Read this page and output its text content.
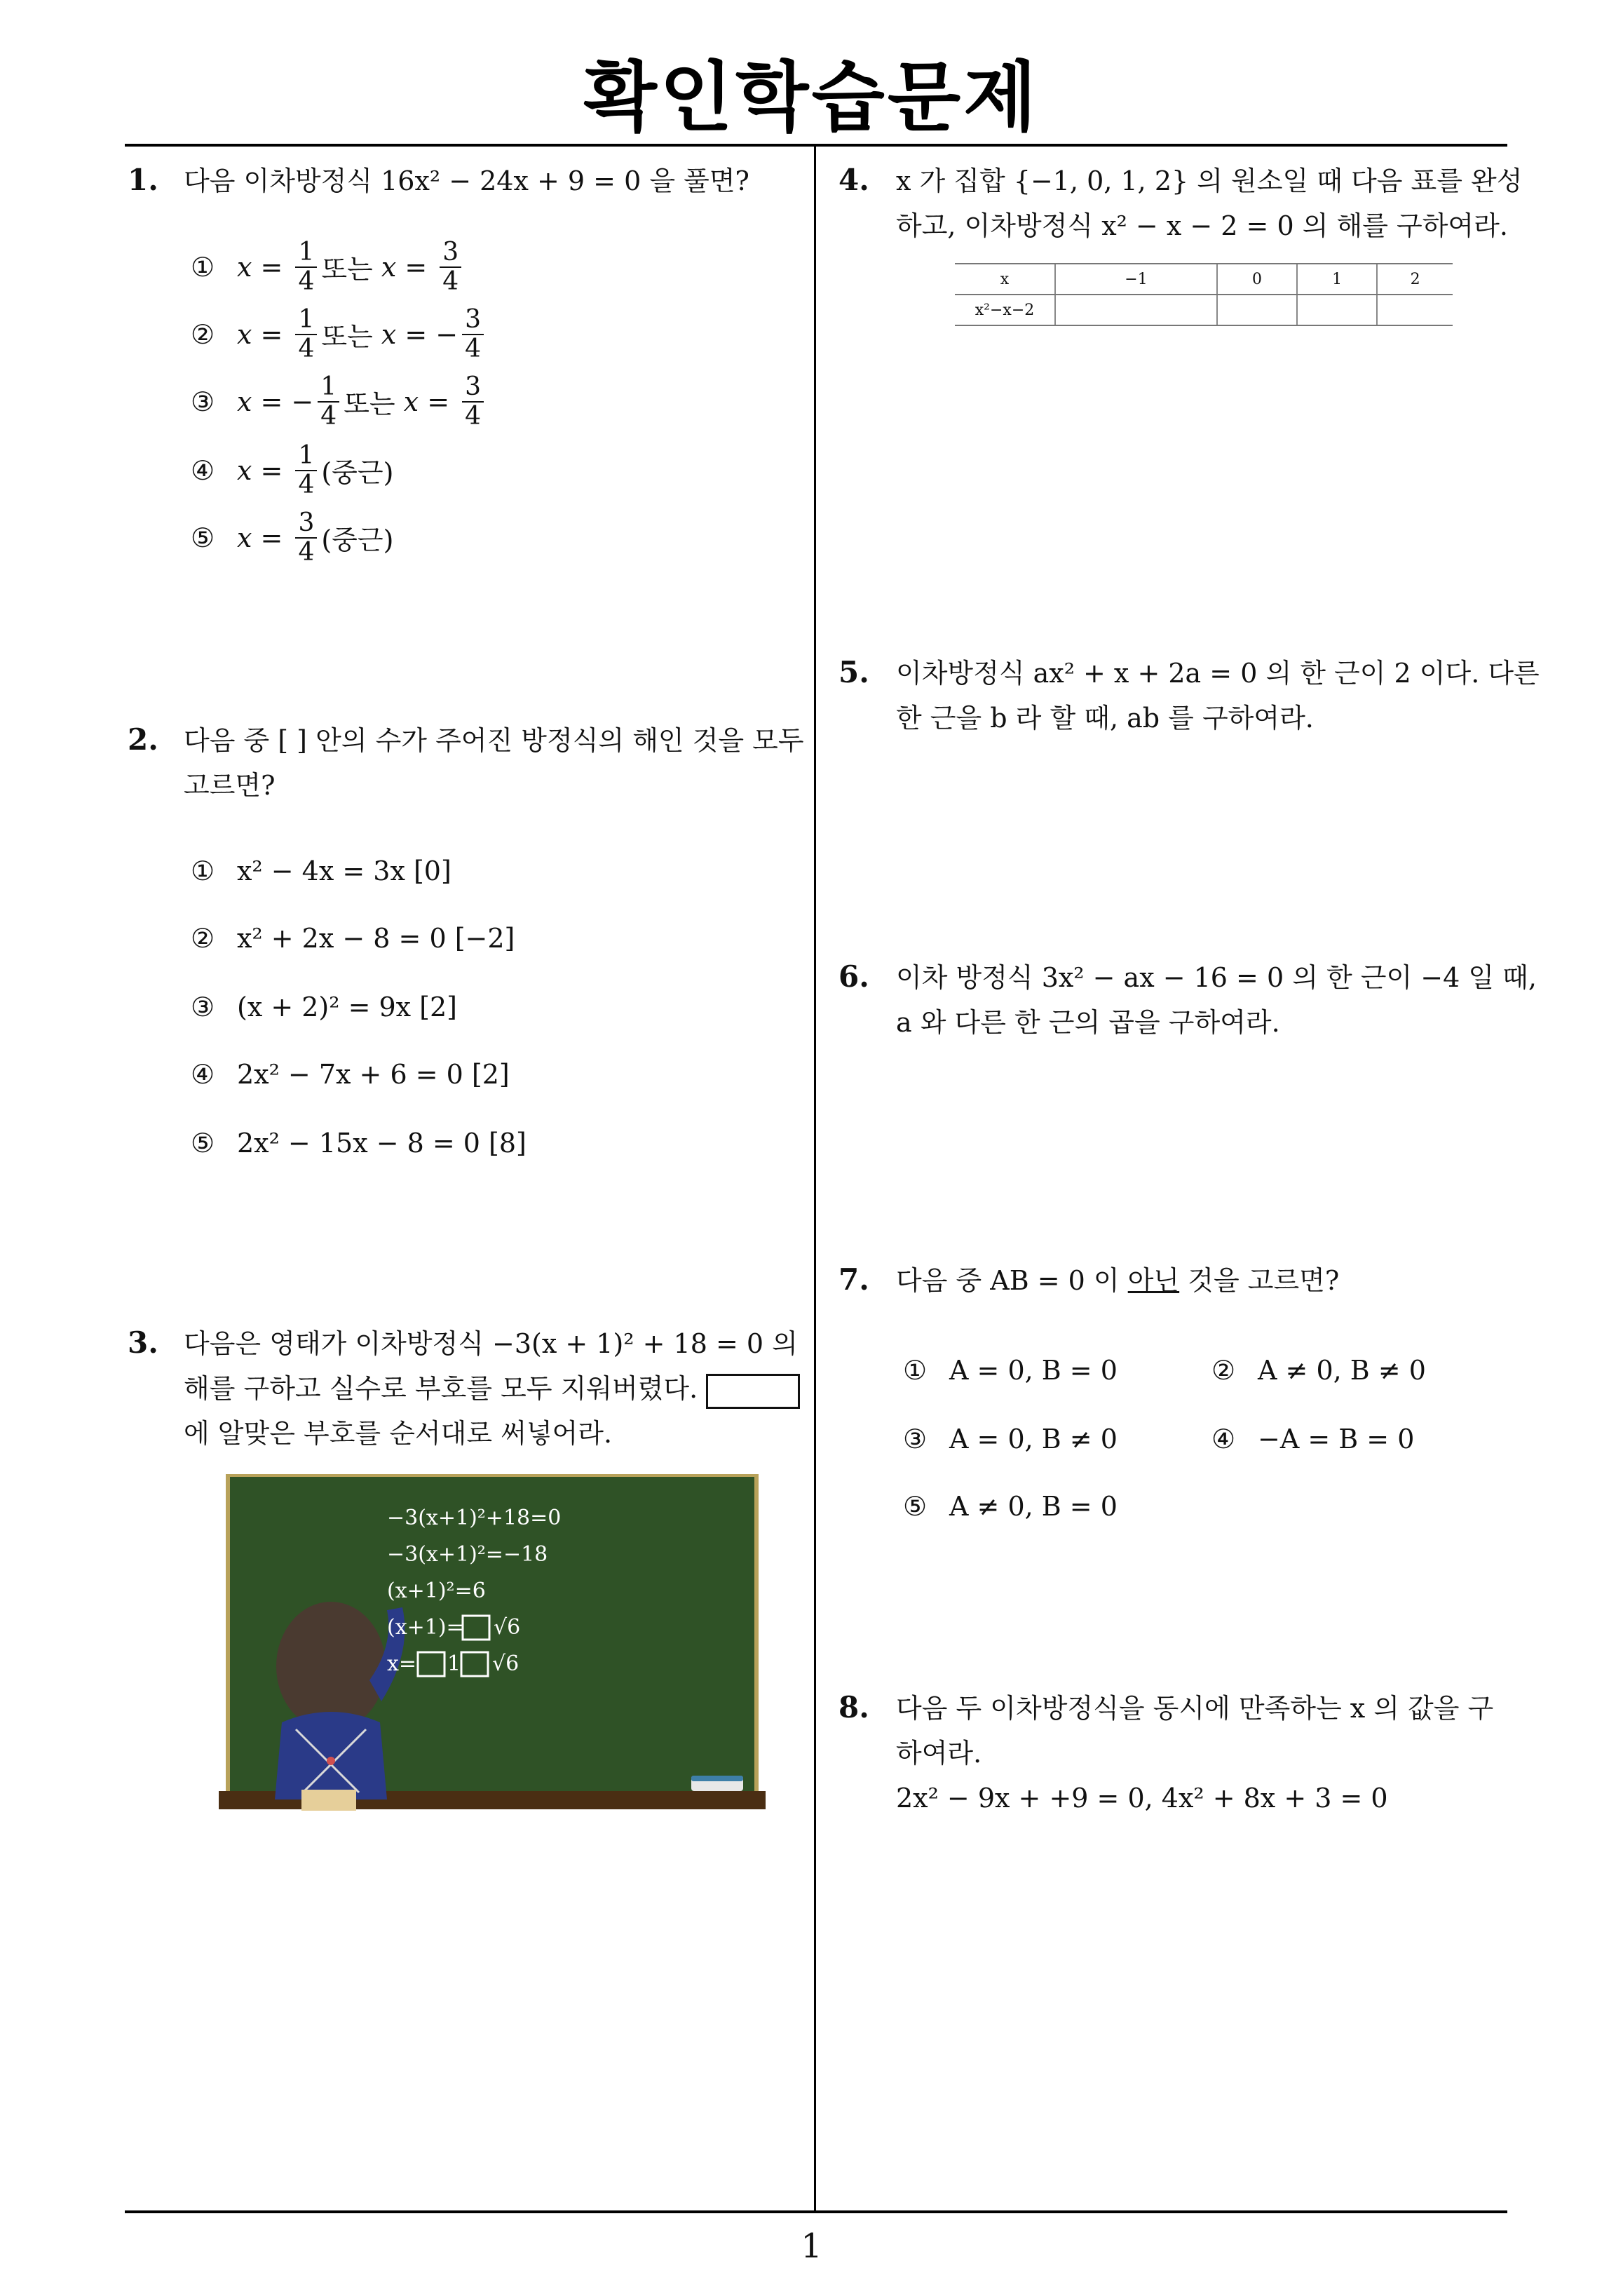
확인학습문제
1
1. 다음 이차방정식 16x² − 24x + 9 = 0 을 풀면?
① $x = \frac{1}{4}$ 또는
$x = \frac{3}{4}$
② $x = \frac{1}{4}$ 또는
x = − $\frac{3}{4}$
③ x = − $\frac{1}{4}$ 또는
$x = \frac{3}{4}$
④ $x = \frac{1}{4}$ (중근)
⑤ $x = \frac{3}{4}$ (중근)
2. 다음 중 [ ] 안의 수가 주어진 방정식의 해인 것을 모두
고르면?
① x² − 4x = 3x [0]
② x² + 2x − 8 = 0 [−2]
③ (x + 2)² = 9x [2]
④ 2x² − 7x + 6 = 0 [2]
⑤ 2x² − 15x − 8 = 0 [8]
3. 다음은 영태가 이차방정식 −3(x + 1)² + 18 = 0 의
해를 구하고 실수로 부호를 모두 지워버렸다.
에 알맞은 부호를 순서대로 써넣어라.
−3(x+1)²+18=0
−3(x+1)²=−18
(x+1)²=6
(x+1)= √6
x= 1 √6
4. x 가 집합 {−1, 0, 1, 2} 의 원소일 때 다음 표를 완성
하고, 이차방정식 x² − x − 2 = 0 의 해를 구하여라.
x	−1	0	1	2
x²−x−2				
5. 이차방정식 ax² + x + 2a = 0 의 한 근이 2 이다. 다른
한 근을 b 라 할 때, ab 를 구하여라.
6. 이차 방정식 3x² − ax − 16 = 0 의 한 근이 −4 일 때,
a 와 다른 한 근의 곱을 구하여라.
7. 다음 중 AB = 0 이 아닌 것을 고르면?
① A = 0, B = 0	② A ≠ 0, B ≠ 0
③ A = 0, B ≠ 0	④ −A = B = 0
⑤ A ≠ 0, B = 0
8. 다음 두 이차방정식을 동시에 만족하는 x 의 값을 구
하여라.
2x² − 9x + +9 = 0, 4x² + 8x + 3 = 0
